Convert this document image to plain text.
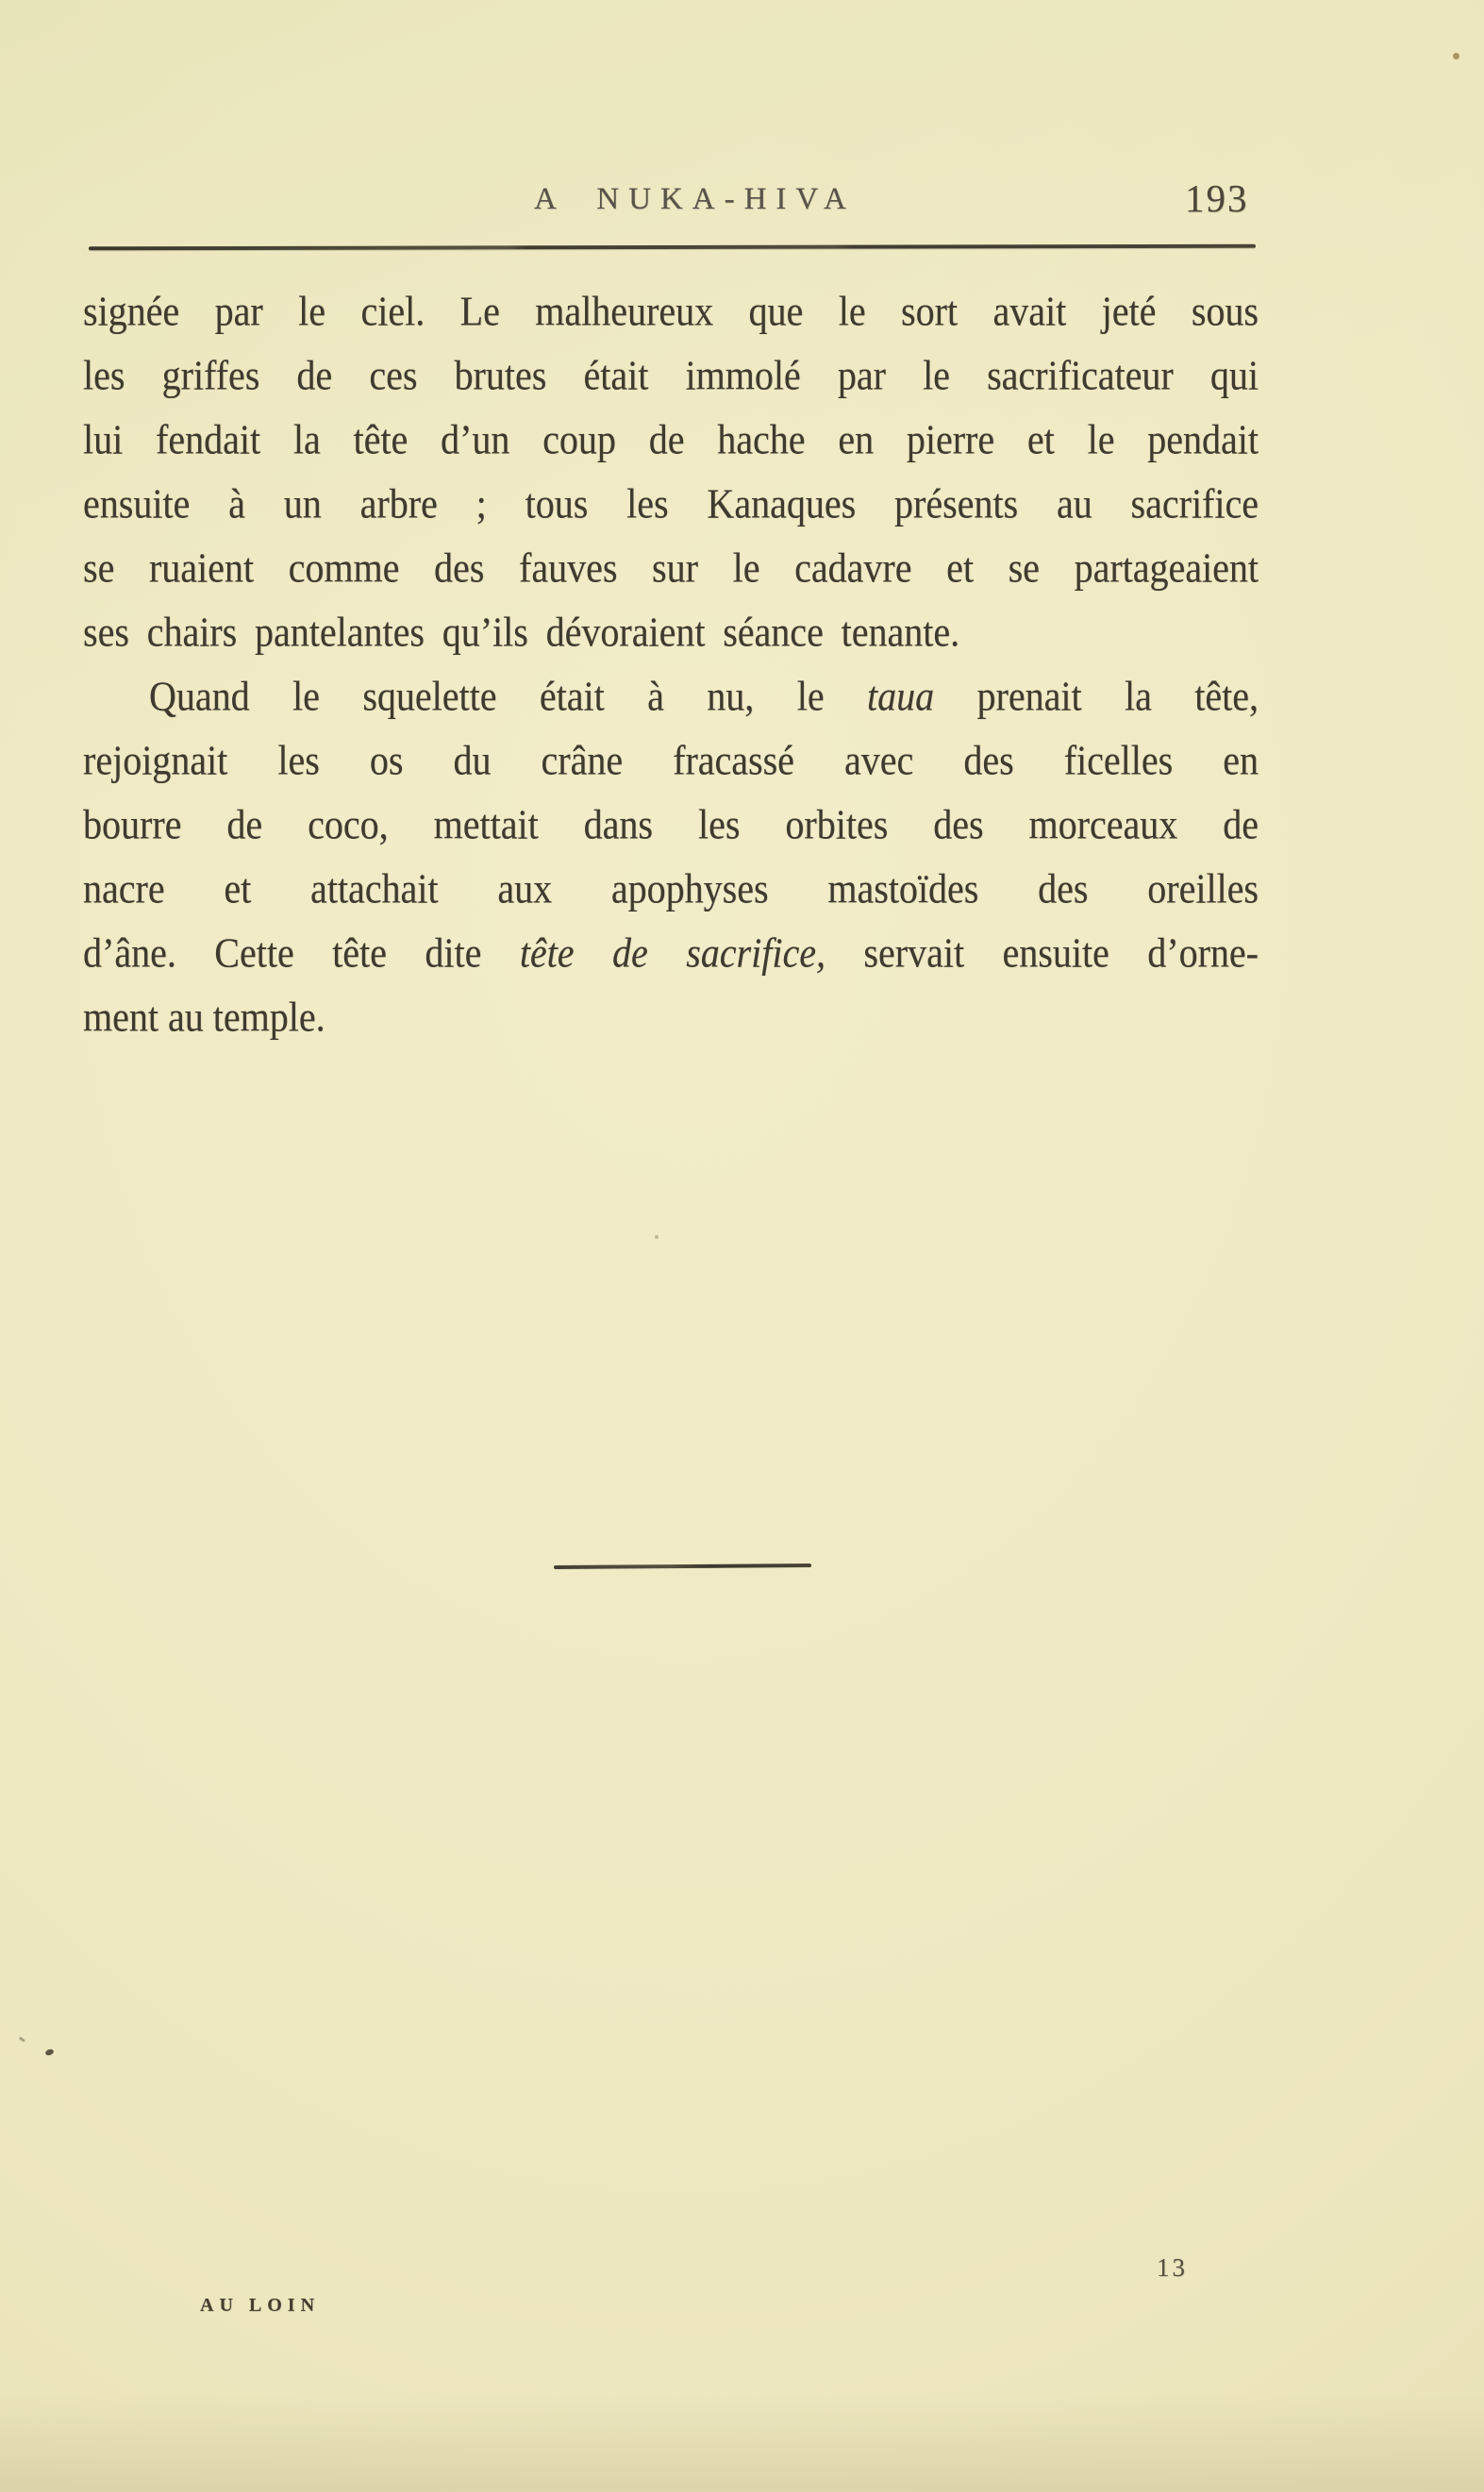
A NUKA-HIVA	193
signée par le ciel. Le malheureux que le sort avait jeté sous
les griffes de ces brutes était immolé par le sacrificateur qui
lui fendait la tête d’un coup de hache en pierre et le pendait
ensuite à un arbre ; tous les Kanaques présents au sacrifice
se ruaient comme des fauves sur le cadavre et se partageaient
ses chairs pantelantes qu’ils dévoraient séance tenante.
Quand le squelette était à nu, le taua prenait la tête,
rejoignait les os du crâne fracassé avec des ficelles en
bourre de coco, mettait dans les orbites des morceaux de
nacre et attachait aux apophyses mastoïdes des oreilles
d’âne. Cette tête dite tête de sacrifice, servait ensuite d’orne-
ment au temple.
AU LOIN
13
